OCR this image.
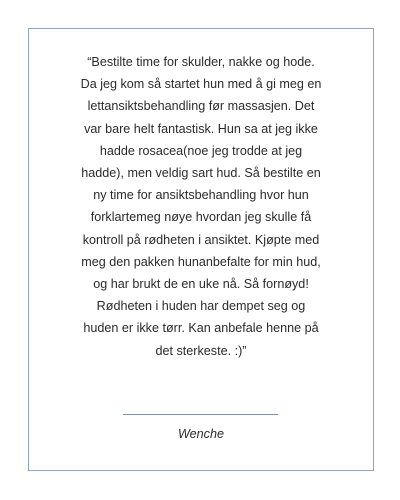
“Bestilte time for skulder, nakke og hode.
Da jeg kom så startet hun med å gi meg en
lettansiktsbehandling før massasjen. Det
var bare helt fantastisk. Hun sa at jeg ikke
hadde rosacea(noe jeg trodde at jeg
hadde), men veldig sart hud. Så bestilte en
ny time for ansiktsbehandling hvor hun
forklartemeg nøye hvordan jeg skulle få
kontroll på rødheten i ansiktet. Kjøpte med
meg den pakken hunanbefalte for min hud,
og har brukt de en uke nå. Så fornøyd!
Rødheten i huden har dempet seg og
huden er ikke tørr. Kan anbefale henne på
det sterkeste. :)”

Wenche
